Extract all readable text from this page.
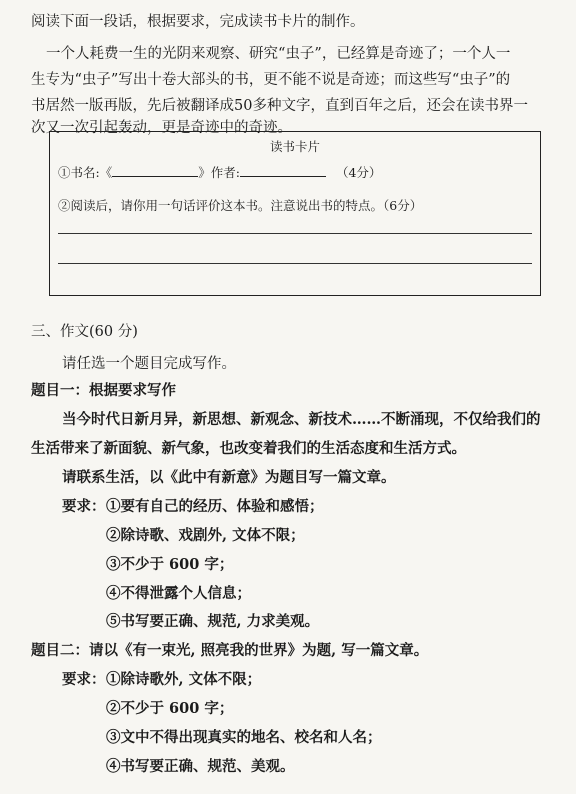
阅读下面一段话，根据要求，完成读书卡片的制作。
一个人耗费一生的光阴来观察、研究“虫子”，已经算是奇迹了；一个人一
生专为“虫子”写出十卷大部头的书，更不能不说是奇迹；而这些写“虫子”的
书居然一版再版，先后被翻译成50多种文字，直到百年之后，还会在读书界一
次又一次引起轰动，更是奇迹中的奇迹。
读书卡片
①书名:《	》作者:	（4分）
②阅读后，请你用一句话评价这本书。注意说出书的特点。（6分）
三、作文(60 分)
请任选一个题目完成写作。
题目一：根据要求写作
当今时代日新月异，新思想、新观念、新技术……不断涌现，不仅给我们的
生活带来了新面貌、新气象，也改变着我们的生活态度和生活方式。
请联系生活，以《此中有新意》为题目写一篇文章。
要求： ①要有自己的经历、体验和感悟；
②除诗歌、戏剧外, 文体不限；
③不少于 600 字；
④不得泄露个人信息；
⑤书写要正确、规范, 力求美观。
题目二：请以《有一束光, 照亮我的世界》为题, 写一篇文章。
要求： ①除诗歌外, 文体不限；
②不少于 600 字；
③文中不得出现真实的地名、校名和人名；
④书写要正确、规范、美观。
